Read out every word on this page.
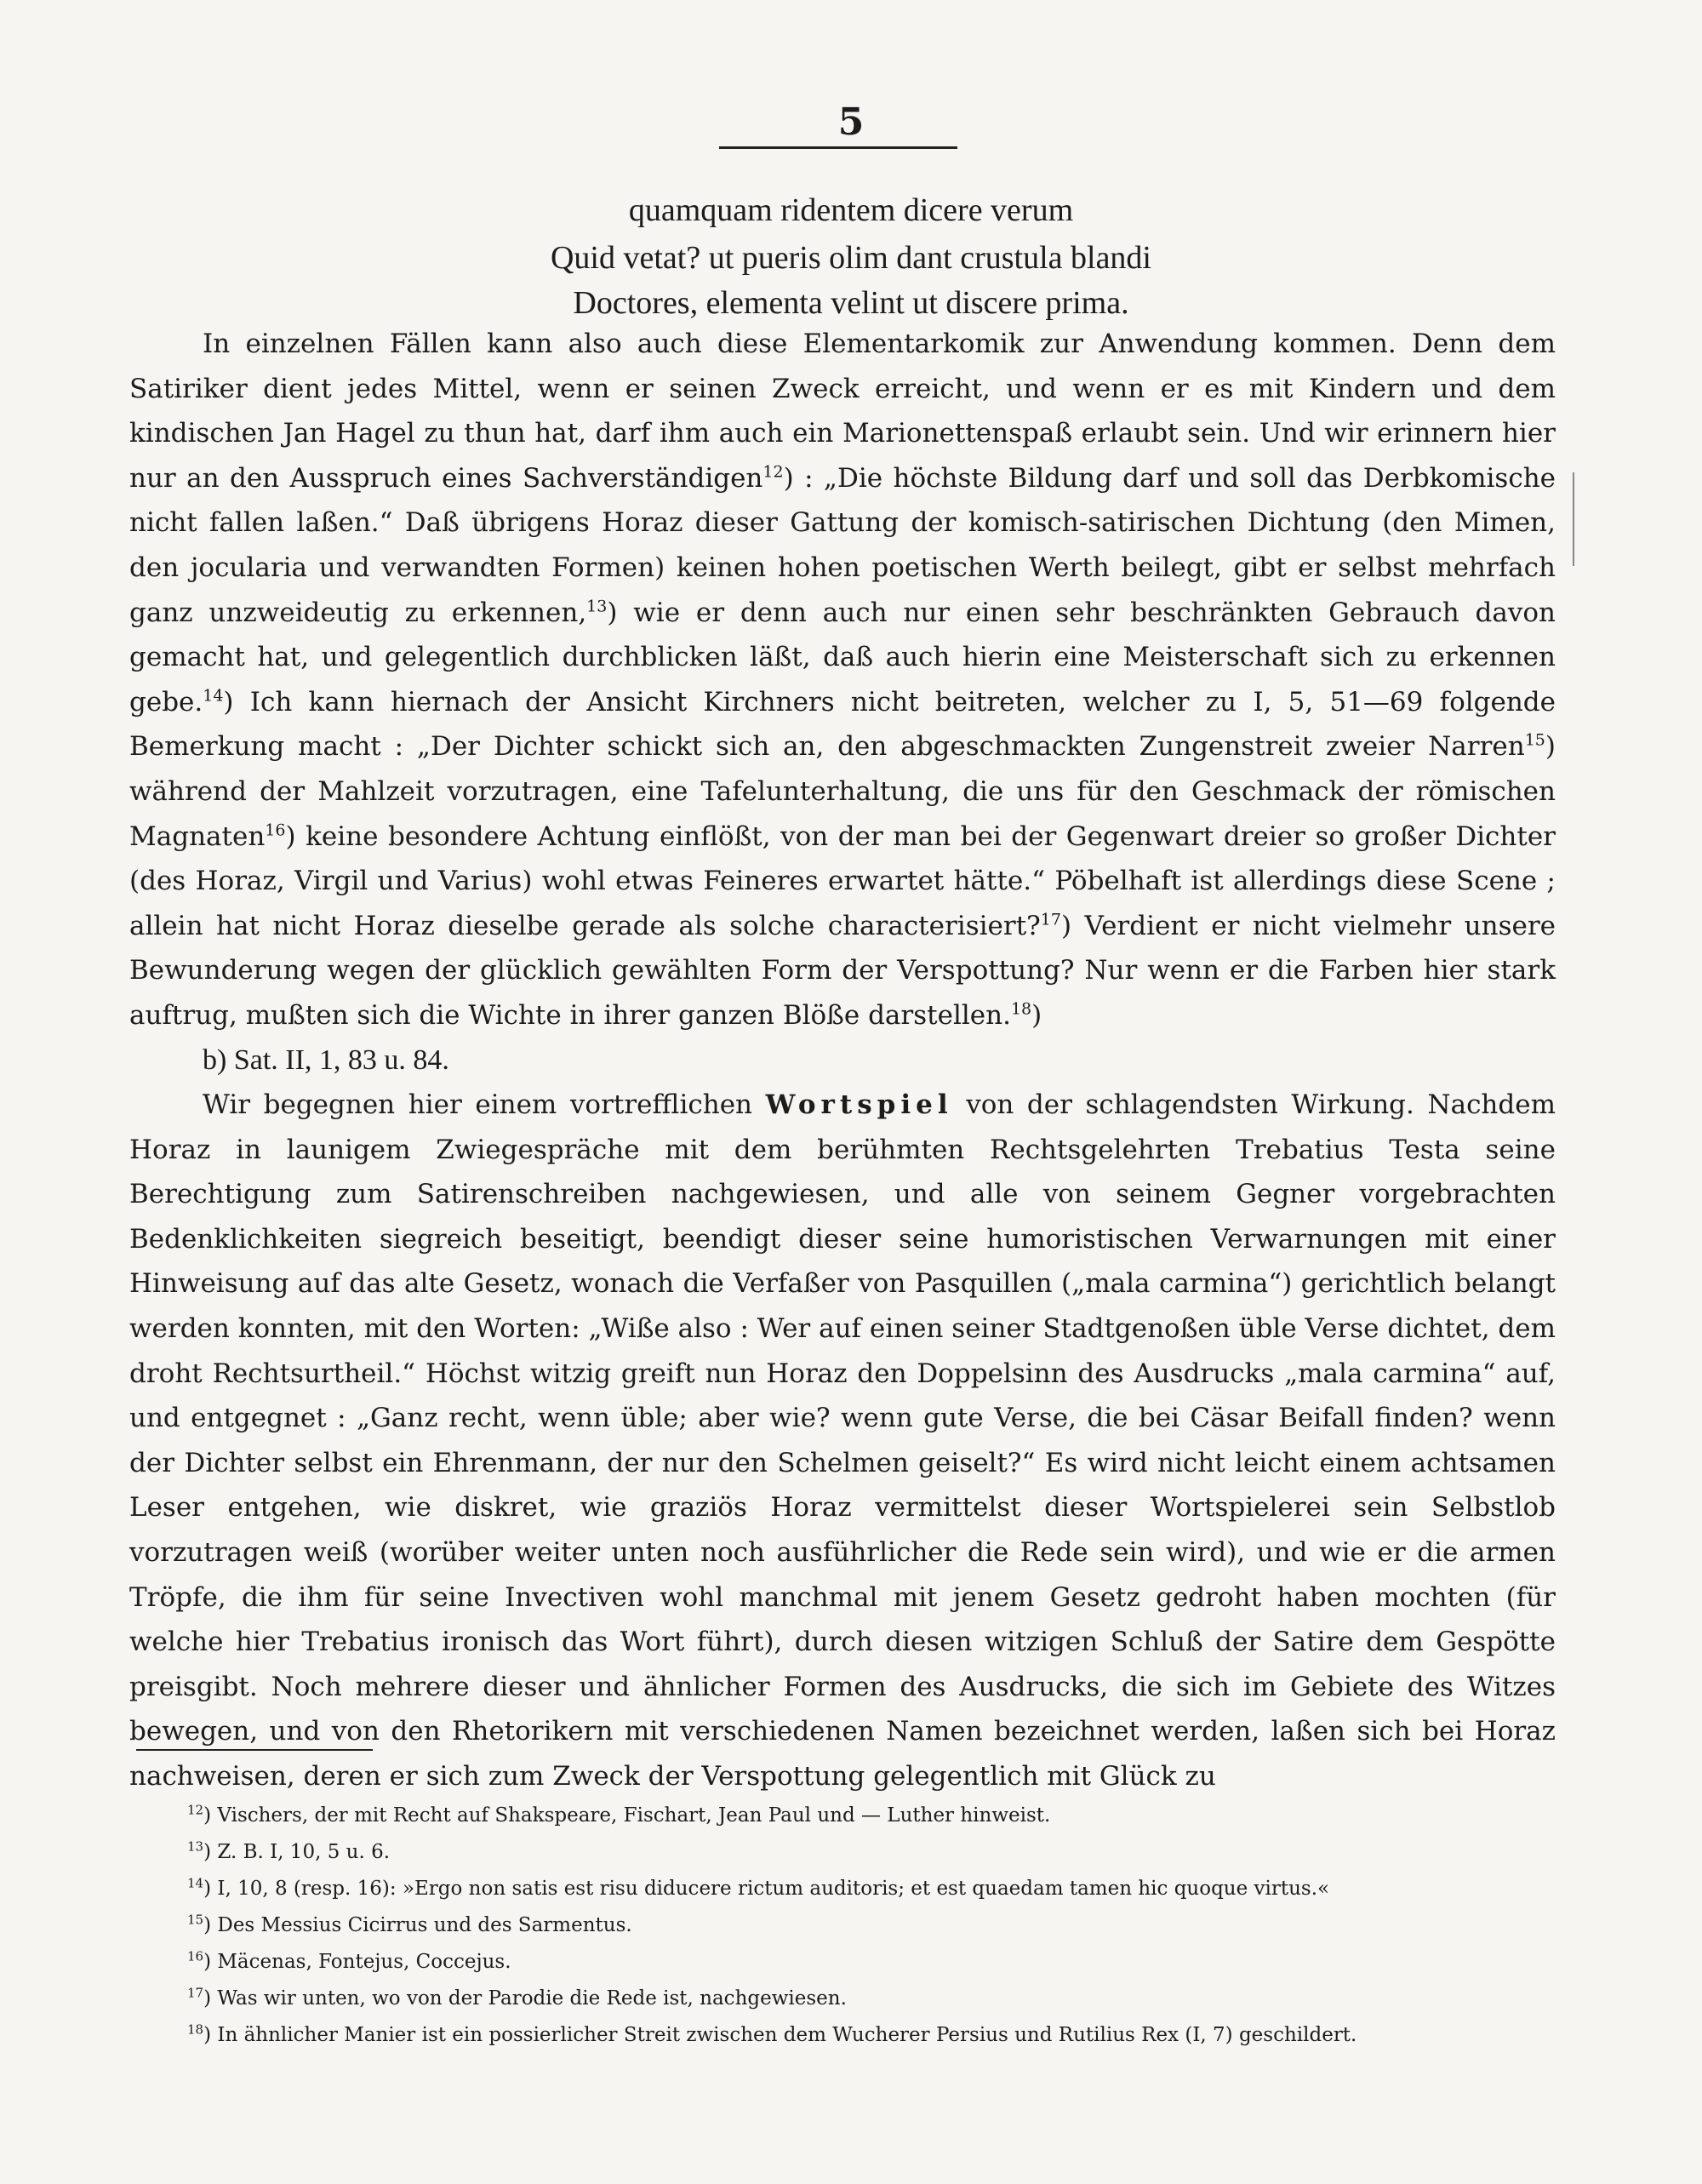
5
quamquam ridentem dicere verum
Quid vetat? ut pueris olim dant crustula blandi
Doctores, elementa velint ut discere prima.

In einzelnen Fällen kann also auch diese Elementarkomik zur Anwendung kommen. Denn dem Satiriker dient jedes Mittel, wenn er seinen Zweck erreicht, und wenn er es mit Kindern und dem kindischen Jan Hagel zu thun hat, darf ihm auch ein Marionettenspaß erlaubt sein. Und wir erinnern hier nur an den Ausspruch eines Sachverständigen$^{12}$) : „Die höchste Bildung darf und soll das Derbkomische nicht fallen laßen.“ Daß übrigens Horaz dieser Gattung der komisch-satirischen Dichtung (den Mimen, den jocularia und verwandten Formen) keinen hohen poetischen Werth beilegt, gibt er selbst mehrfach ganz unzweideutig zu erkennen,$^{13}$) wie er denn auch nur einen sehr beschränkten Gebrauch davon gemacht hat, und gelegentlich durchblicken läßt, daß auch hierin eine Meisterschaft sich zu erkennen gebe.$^{14}$) Ich kann hiernach der Ansicht Kirchners nicht beitreten, welcher zu I, 5, 51—69 folgende Bemerkung macht : „Der Dichter schickt sich an, den abgeschmackten Zungenstreit zweier Narren$^{15}$) während der Mahlzeit vorzutragen, eine Tafelunterhaltung, die uns für den Geschmack der römischen Magnaten$^{16}$) keine besondere Achtung einflößt, von der man bei der Gegenwart dreier so großer Dichter (des Horaz, Virgil und Varius) wohl etwas Feineres erwartet hätte.“ Pöbelhaft ist allerdings diese Scene ; allein hat nicht Horaz dieselbe gerade als solche characterisiert?$^{17}$) Verdient er nicht vielmehr unsere Bewunderung wegen der glücklich gewählten Form der Verspottung? Nur wenn er die Farben hier stark auftrug, mußten sich die Wichte in ihrer ganzen Blöße darstellen.$^{18}$)

b) Sat. II, 1, 83 u. 84.

Wir begegnen hier einem vortrefflichen Wortspiel von der schlagendsten Wirkung. Nachdem Horaz in launigem Zwiegespräche mit dem berühmten Rechtsgelehrten Trebatius Testa seine Berechtigung zum Satirenschreiben nachgewiesen, und alle von seinem Gegner vorgebrachten Bedenklichkeiten siegreich beseitigt, beendigt dieser seine humoristischen Verwarnungen mit einer Hinweisung auf das alte Gesetz, wonach die Verfaßer von Pasquillen („mala carmina“) gerichtlich belangt werden konnten, mit den Worten: „Wiße also : Wer auf einen seiner Stadtgenoßen üble Verse dichtet, dem droht Rechtsurtheil.“ Höchst witzig greift nun Horaz den Doppelsinn des Ausdrucks „mala carmina“ auf, und entgegnet : „Ganz recht, wenn üble; aber wie? wenn gute Verse, die bei Cäsar Beifall finden? wenn der Dichter selbst ein Ehrenmann, der nur den Schelmen geiselt?“ Es wird nicht leicht einem achtsamen Leser entgehen, wie diskret, wie graziös Horaz vermittelst dieser Wortspielerei sein Selbstlob vorzutragen weiß (worüber weiter unten noch ausführlicher die Rede sein wird), und wie er die armen Tröpfe, die ihm für seine Invectiven wohl manchmal mit jenem Gesetz gedroht haben mochten (für welche hier Trebatius ironisch das Wort führt), durch diesen witzigen Schluß der Satire dem Gespötte preisgibt. Noch mehrere dieser und ähnlicher Formen des Ausdrucks, die sich im Gebiete des Witzes bewegen, und von den Rhetorikern mit verschiedenen Namen bezeichnet werden, laßen sich bei Horaz nachweisen, deren er sich zum Zweck der Verspottung gelegentlich mit Glück zu

$^{12}$) Vischers, der mit Recht auf Shakspeare, Fischart, Jean Paul und — Luther hinweist.
$^{13}$) Z. B. I, 10, 5 u. 6.
$^{14}$) I, 10, 8 (resp. 16): »Ergo non satis est risu diducere rictum auditoris; et est quaedam tamen hic quoque virtus.«
$^{15}$) Des Messius Cicirrus und des Sarmentus.
$^{16}$) Mäcenas, Fontejus, Coccejus.
$^{17}$) Was wir unten, wo von der Parodie die Rede ist, nachgewiesen.
$^{18}$) In ähnlicher Manier ist ein possierlicher Streit zwischen dem Wucherer Persius und Rutilius Rex (I, 7) geschildert.
